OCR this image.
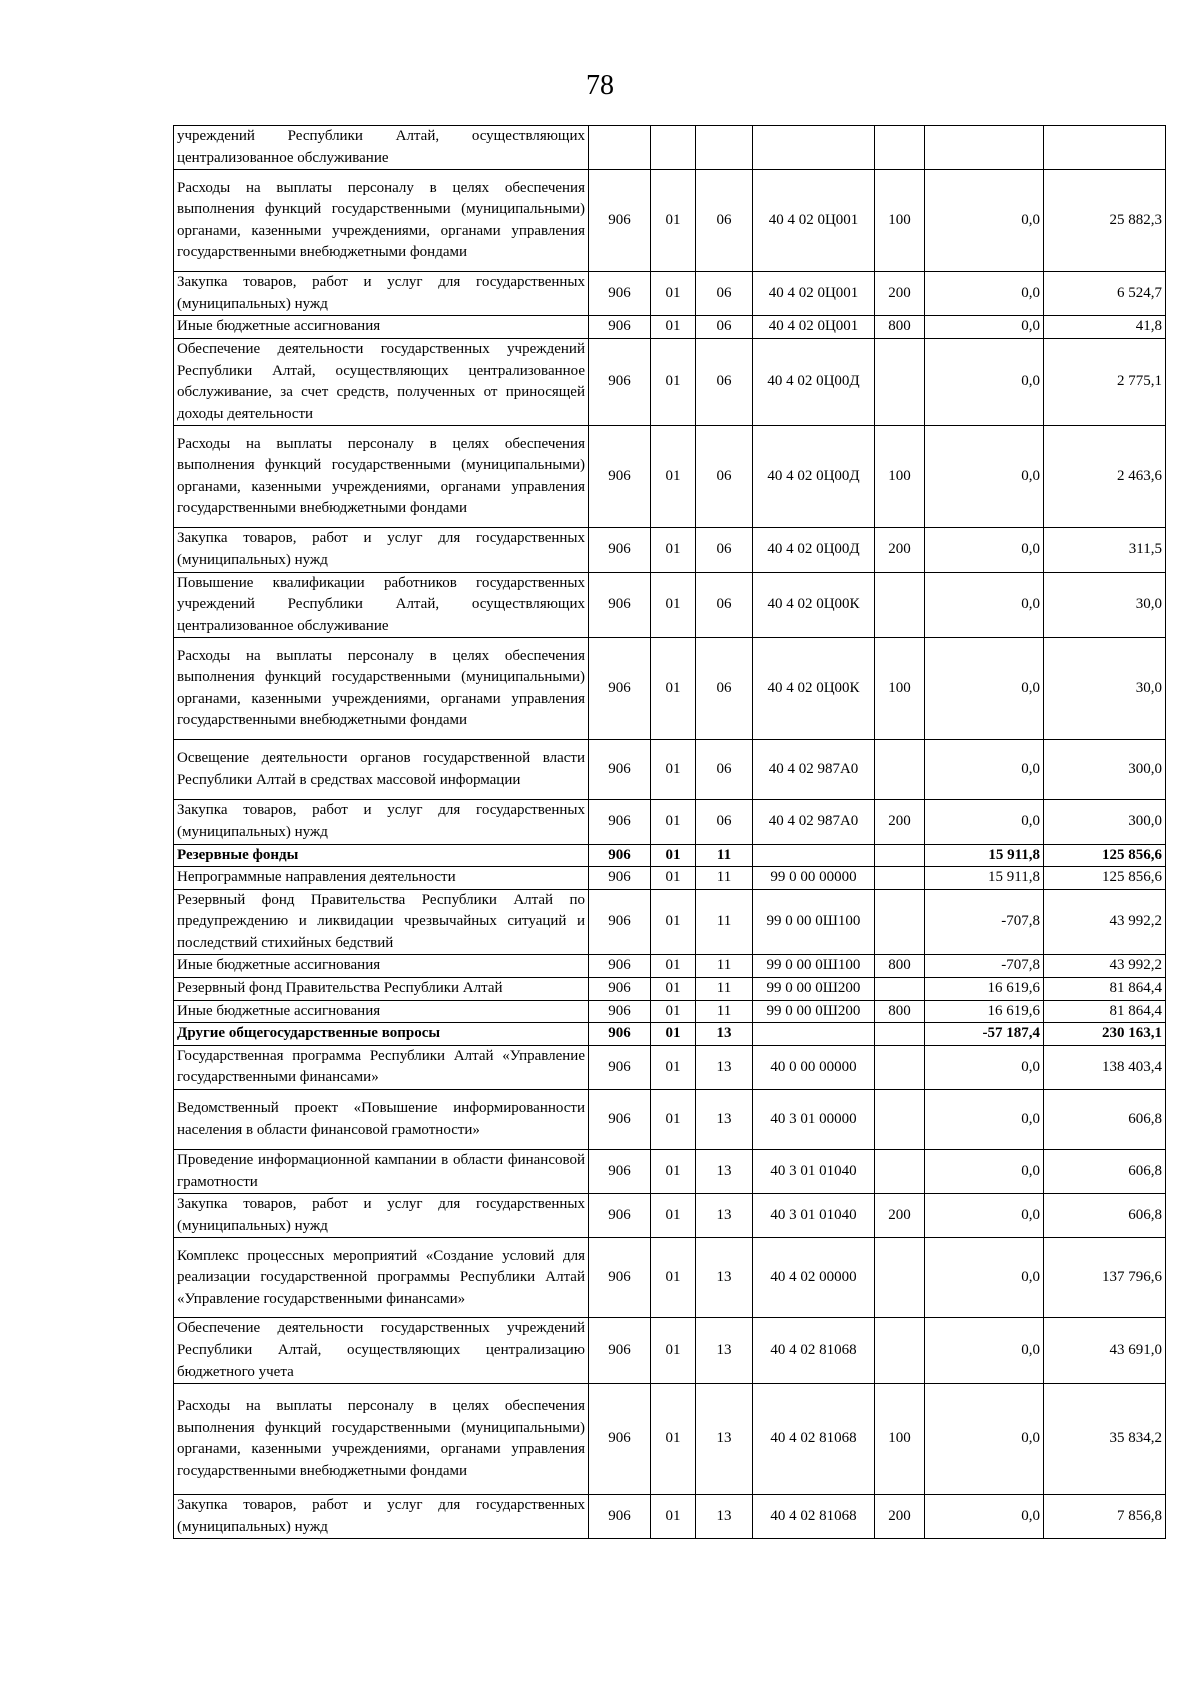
78
учреждений Республики Алтай, осуществляющих централизованное обслуживание							
Расходы на выплаты персоналу в целях обеспечения выполнения функций государственными (муниципальными) органами, казенными учреждениями, органами управления государственными внебюджетными фондами	906	01	06	40 4 02 0Ц001	100	0,0	25 882,3
Закупка товаров, работ и услуг для государственных (муниципальных) нужд	906	01	06	40 4 02 0Ц001	200	0,0	6 524,7
Иные бюджетные ассигнования	906	01	06	40 4 02 0Ц001	800	0,0	41,8
Обеспечение деятельности государственных учреждений Республики Алтай, осуществляющих централизованное обслуживание, за счет средств, полученных от приносящей доходы деятельности	906	01	06	40 4 02 0Ц00Д		0,0	2 775,1
Расходы на выплаты персоналу в целях обеспечения выполнения функций государственными (муниципальными) органами, казенными учреждениями, органами управления государственными внебюджетными фондами	906	01	06	40 4 02 0Ц00Д	100	0,0	2 463,6
Закупка товаров, работ и услуг для государственных (муниципальных) нужд	906	01	06	40 4 02 0Ц00Д	200	0,0	311,5
Повышение квалификации работников государственных учреждений Республики Алтай, осуществляющих централизованное обслуживание	906	01	06	40 4 02 0Ц00К		0,0	30,0
Расходы на выплаты персоналу в целях обеспечения выполнения функций государственными (муниципальными) органами, казенными учреждениями, органами управления государственными внебюджетными фондами	906	01	06	40 4 02 0Ц00К	100	0,0	30,0
Освещение деятельности органов государственной власти Республики Алтай в средствах массовой информации	906	01	06	40 4 02 987А0		0,0	300,0
Закупка товаров, работ и услуг для государственных (муниципальных) нужд	906	01	06	40 4 02 987А0	200	0,0	300,0
Резервные фонды	906	01	11			15 911,8	125 856,6
Непрограммные направления деятельности	906	01	11	99 0 00 00000		15 911,8	125 856,6
Резервный фонд Правительства Республики Алтай по предупреждению и ликвидации чрезвычайных ситуаций и последствий стихийных бедствий	906	01	11	99 0 00 0Ш100		-707,8	43 992,2
Иные бюджетные ассигнования	906	01	11	99 0 00 0Ш100	800	-707,8	43 992,2
Резервный фонд Правительства Республики Алтай	906	01	11	99 0 00 0Ш200		16 619,6	81 864,4
Иные бюджетные ассигнования	906	01	11	99 0 00 0Ш200	800	16 619,6	81 864,4
Другие общегосударственные вопросы	906	01	13			-57 187,4	230 163,1
Государственная программа Республики Алтай «Управление государственными финансами»	906	01	13	40 0 00 00000		0,0	138 403,4
Ведомственный проект «Повышение информированности населения в области финансовой грамотности»	906	01	13	40 3 01 00000		0,0	606,8
Проведение информационной кампании в области финансовой грамотности	906	01	13	40 3 01 01040		0,0	606,8
Закупка товаров, работ и услуг для государственных (муниципальных) нужд	906	01	13	40 3 01 01040	200	0,0	606,8
Комплекс процессных мероприятий «Создание условий для реализации государственной программы Республики Алтай «Управление государственными финансами»	906	01	13	40 4 02 00000		0,0	137 796,6
Обеспечение деятельности государственных учреждений Республики Алтай, осуществляющих централизацию бюджетного учета	906	01	13	40 4 02 81068		0,0	43 691,0
Расходы на выплаты персоналу в целях обеспечения выполнения функций государственными (муниципальными) органами, казенными учреждениями, органами управления государственными внебюджетными фондами	906	01	13	40 4 02 81068	100	0,0	35 834,2
Закупка товаров, работ и услуг для государственных (муниципальных) нужд	906	01	13	40 4 02 81068	200	0,0	7 856,8
